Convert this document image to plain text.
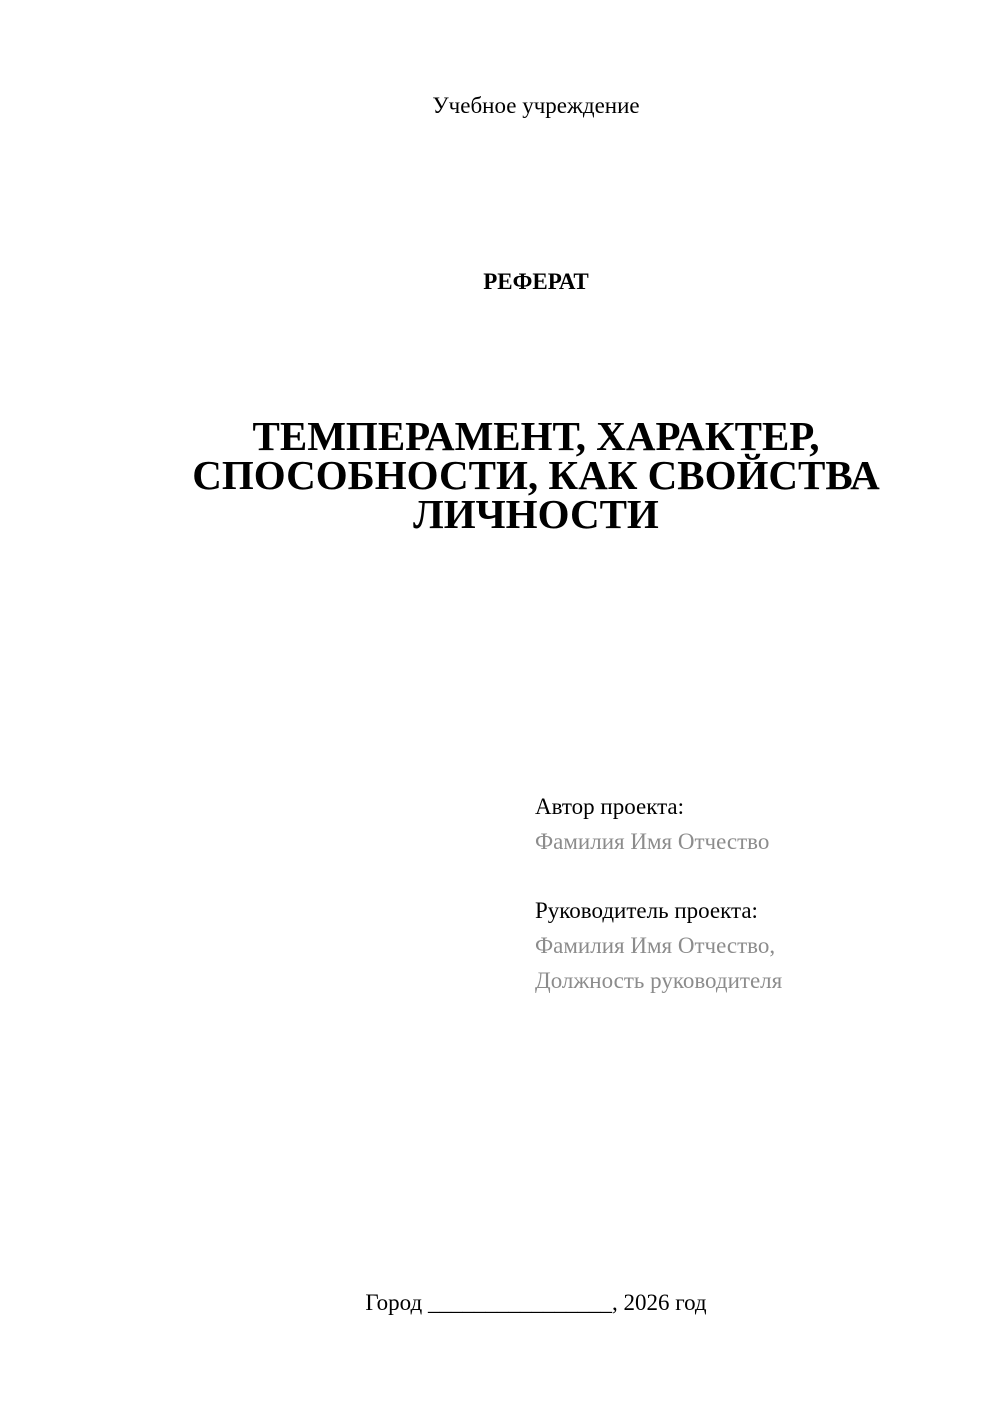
Учебное учреждение
РЕФЕРАТ
ТЕМПЕРАМЕНТ, ХАРАКТЕР,
СПОСОБНОСТИ, КАК СВОЙСТВА
ЛИЧНОСТИ
Автор проекта:
Фамилия Имя Отчество
Руководитель проекта:
Фамилия Имя Отчество,
Должность руководителя
Город ________________, 2026 год
